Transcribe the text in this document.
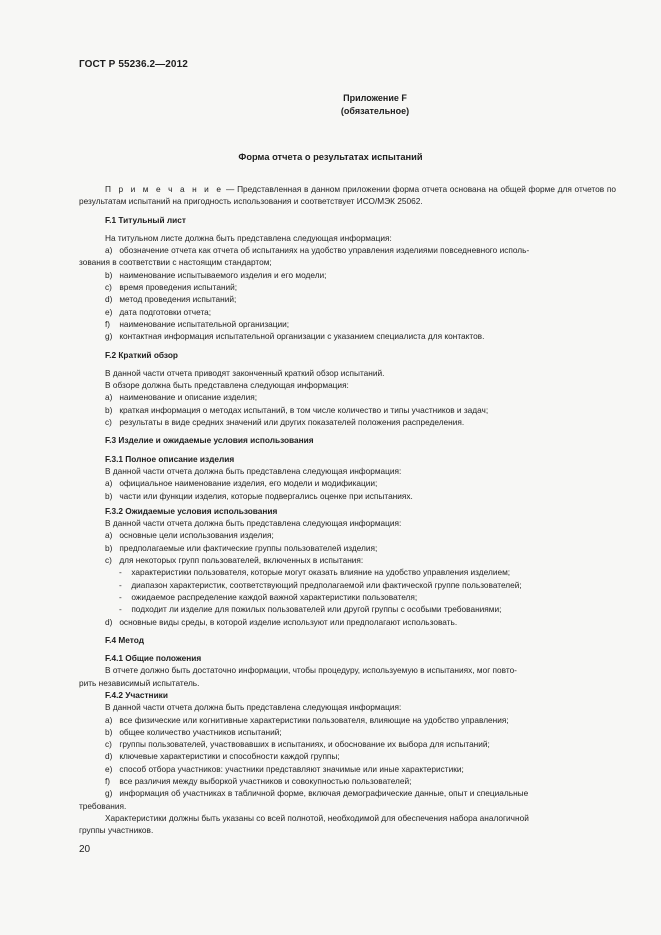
ГОСТ Р 55236.2—2012
Приложение F
(обязательное)
Форма отчета о результатах испытаний

П р и м е ч а н и е — Представленная в данном приложении форма отчета основана на общей форме для отчетов по результатам испытаний на пригодность использования и соответствует ИСО/МЭК 25062.

F.1 Титульный лист

На титульном листе должна быть представлена следующая информация:

a) обозначение отчета как отчета об испытаниях на удобство управления изделиями повседневного исполь-

зования в соответствии с настоящим стандартом;

b) наименование испытываемого изделия и его модели;

c) время проведения испытаний;

d) метод проведения испытаний;

e) дата подготовки отчета;

f) наименование испытательной организации;

g) контактная информация испытательной организации с указанием специалиста для контактов.

F.2 Краткий обзор

В данной части отчета приводят законченный краткий обзор испытаний.

В обзоре должна быть представлена следующая информация:

a) наименование и описание изделия;

b) краткая информация о методах испытаний, в том числе количество и типы участников и задач;

c) результаты в виде средних значений или других показателей положения распределения.

F.3 Изделие и ожидаемые условия использования

F.3.1 Полное описание изделия

В данной части отчета должна быть представлена следующая информация:

a) официальное наименование изделия, его модели и модификации;

b) части или функции изделия, которые подвергались оценке при испытаниях.

F.3.2 Ожидаемые условия использования

В данной части отчета должна быть представлена следующая информация:

a) основные цели использования изделия;

b) предполагаемые или фактические группы пользователей изделия;

c) для некоторых групп пользователей, включенных в испытания:

- характеристики пользователя, которые могут оказать влияние на удобство управления изделием;

- диапазон характеристик, соответствующий предполагаемой или фактической группе пользователей;

- ожидаемое распределение каждой важной характеристики пользователя;

- подходит ли изделие для пожилых пользователей или другой группы с особыми требованиями;

d) основные виды среды, в которой изделие используют или предполагают использовать.

F.4 Метод

F.4.1 Общие положения

В отчете должно быть достаточно информации, чтобы процедуру, используемую в испытаниях, мог повто-

рить независимый испытатель.

F.4.2 Участники

В данной части отчета должна быть представлена следующая информация:

a) все физические или когнитивные характеристики пользователя, влияющие на удобство управления;

b) общее количество участников испытаний;

c) группы пользователей, участвовавших в испытаниях, и обоснование их выбора для испытаний;

d) ключевые характеристики и способности каждой группы;

e) способ отбора участников: участники представляют значимые или иные характеристики;

f) все различия между выборкой участников и совокупностью пользователей;

g) информация об участниках в табличной форме, включая демографические данные, опыт и специальные

требования.

Характеристики должны быть указаны со всей полнотой, необходимой для обеспечения набора аналогичной

группы участников.

20
